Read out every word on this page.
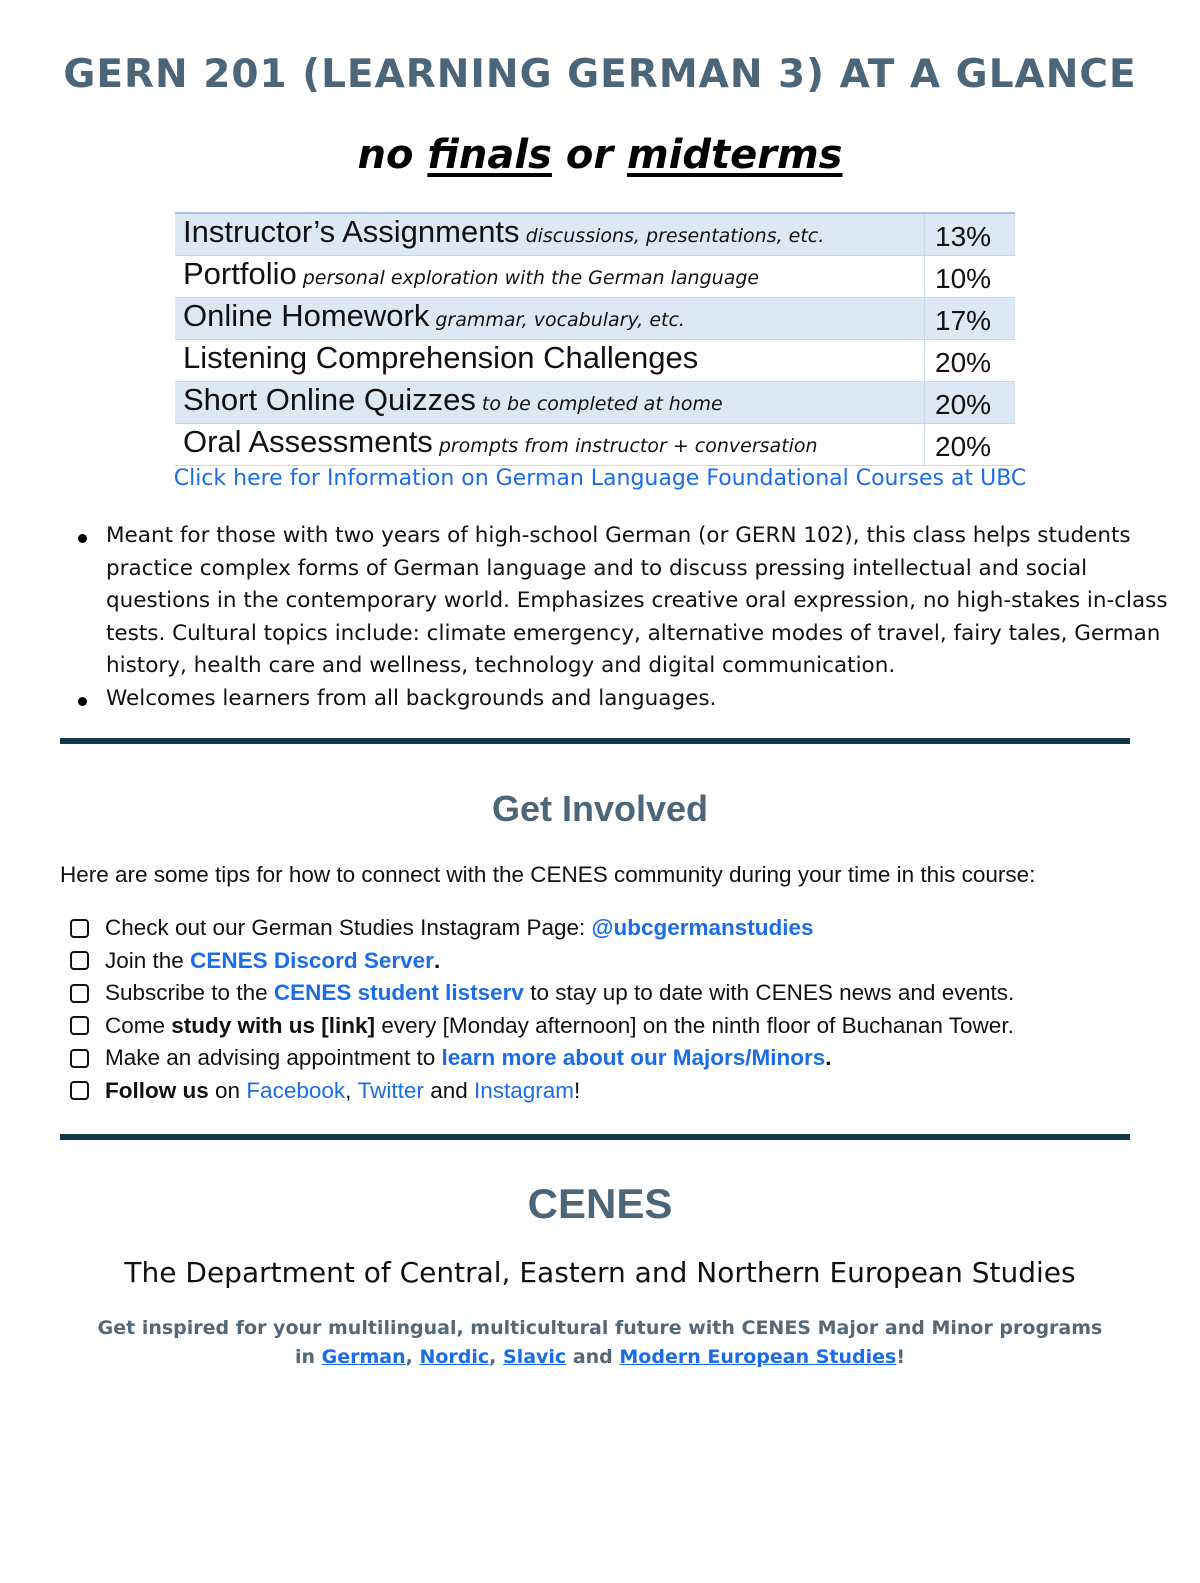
GERN 201 (LEARNING GERMAN 3) AT A GLANCE

no finals or midterms

Instructor’s Assignments discussions, presentations, etc.	13%
Portfolio personal exploration with the German language	10%
Online Homework grammar, vocabulary, etc.	17%
Listening Comprehension Challenges	20%
Short Online Quizzes to be completed at home	20%
Oral Assessments prompts from instructor + conversation	20%
Click here for Information on German Language Foundational Courses at UBC
Meant for those with two years of high-school German (or GERN 102), this class helps students practice complex forms of German language and to discuss pressing intellectual and social questions in the contemporary world. Emphasizes creative oral expression, no high-stakes in-class tests. Cultural topics include: climate emergency, alternative modes of travel, fairy tales, German history, health care and wellness, technology and digital communication.
Welcomes learners from all backgrounds and languages.
Get Involved

Here are some tips for how to connect with the CENES community during your time in this course:

Check out our German Studies Instagram Page:
@ubcgermanstudies
Join the
CENES Discord Server .
Subscribe to the
CENES student listserv
to stay up to date with CENES news and events.
Come
study with us [link]
every [Monday afternoon] on the ninth floor of Buchanan Tower.
Make an advising appointment to
learn more about our Majors/Minors .
Follow us
on
Facebook ,
Twitter
and
Instagram !
CENES

The Department of Central, Eastern and Northern European Studies

Get inspired for your multilingual, multicultural future with CENES Major and Minor programs
in German, Nordic, Slavic and Modern European Studies!
